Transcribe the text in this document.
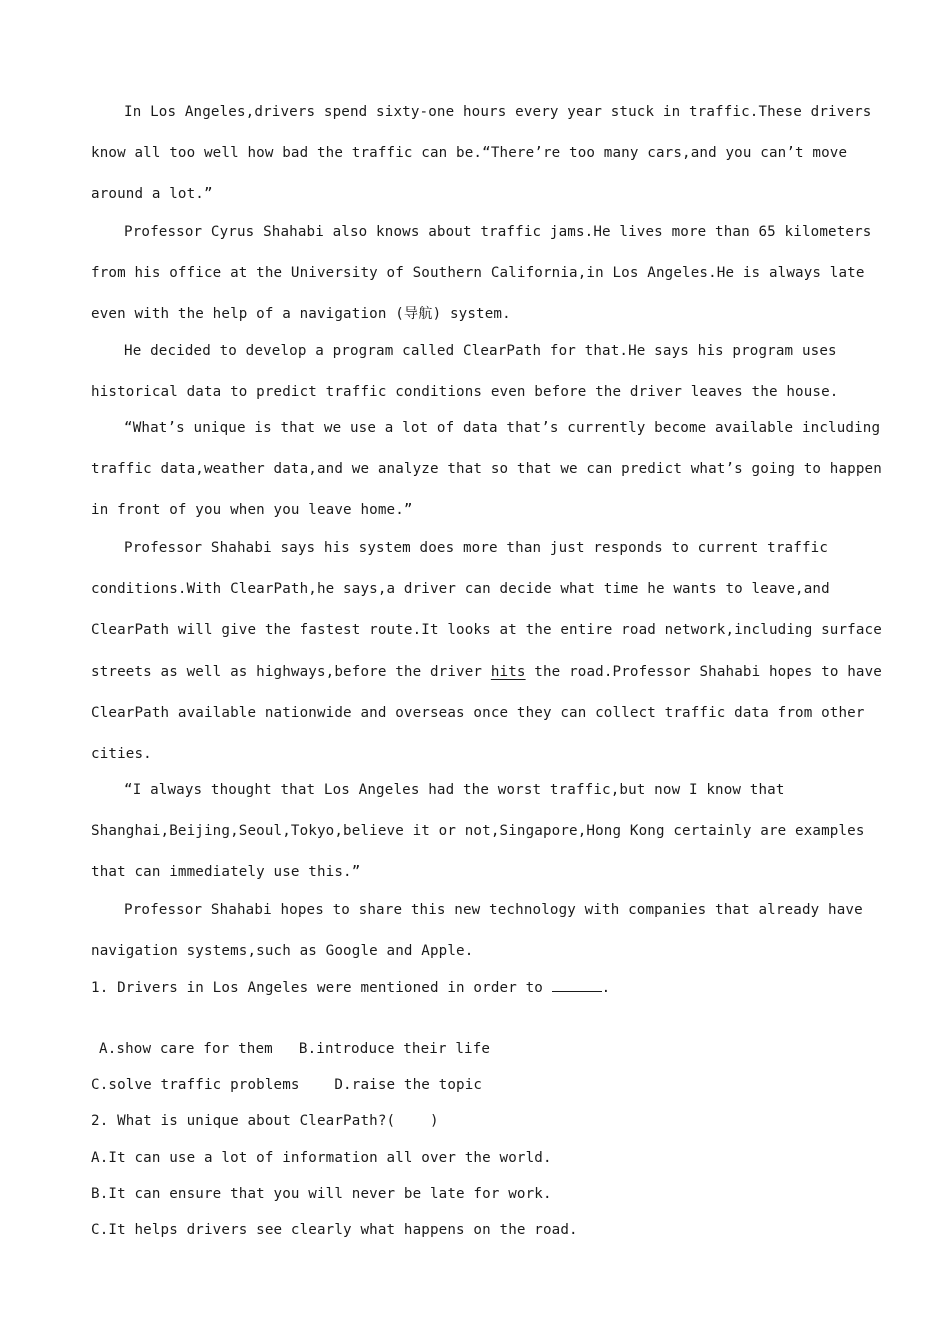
In Los Angeles,drivers spend sixty-one hours every year stuck in traffic.These drivers

know all too well how bad the traffic can be.“There’re too many cars,and you can’t move

around a lot.”

Professor Cyrus Shahabi also knows about traffic jams.He lives more than 65 kilometers

from his office at the University of Southern California,in Los Angeles.He is always late

even with the help of a navigation (导航) system.

He decided to develop a program called ClearPath for that.He says his program uses

historical data to predict traffic conditions even before the driver leaves the house.

“What’s unique is that we use a lot of data that’s currently become available including

traffic data,weather data,and we analyze that so that we can predict what’s going to happen

in front of you when you leave home.”

Professor Shahabi says his system does more than just responds to current traffic

conditions.With ClearPath,he says,a driver can decide what time he wants to leave,and

ClearPath will give the fastest route.It looks at the entire road network,including surface

streets as well as highways,before the driver hits the road.Professor Shahabi hopes to have

ClearPath available nationwide and overseas once they can collect traffic data from other

cities.

“I always thought that Los Angeles had the worst traffic,but now I know that

Shanghai,Beijing,Seoul,Tokyo,believe it or not,Singapore,Hong Kong certainly are examples

that can immediately use this.”

Professor Shahabi hopes to share this new technology with companies that already have

navigation systems,such as Google and Apple.

1. Drivers in Los Angeles were mentioned in order to	.

A.show care for them   B.introduce their life

C.solve traffic problems    D.raise the topic

2. What is unique about ClearPath?(    )

A.It can use a lot of information all over the world.

B.It can ensure that you will never be late for work.

C.It helps drivers see clearly what happens on the road.
